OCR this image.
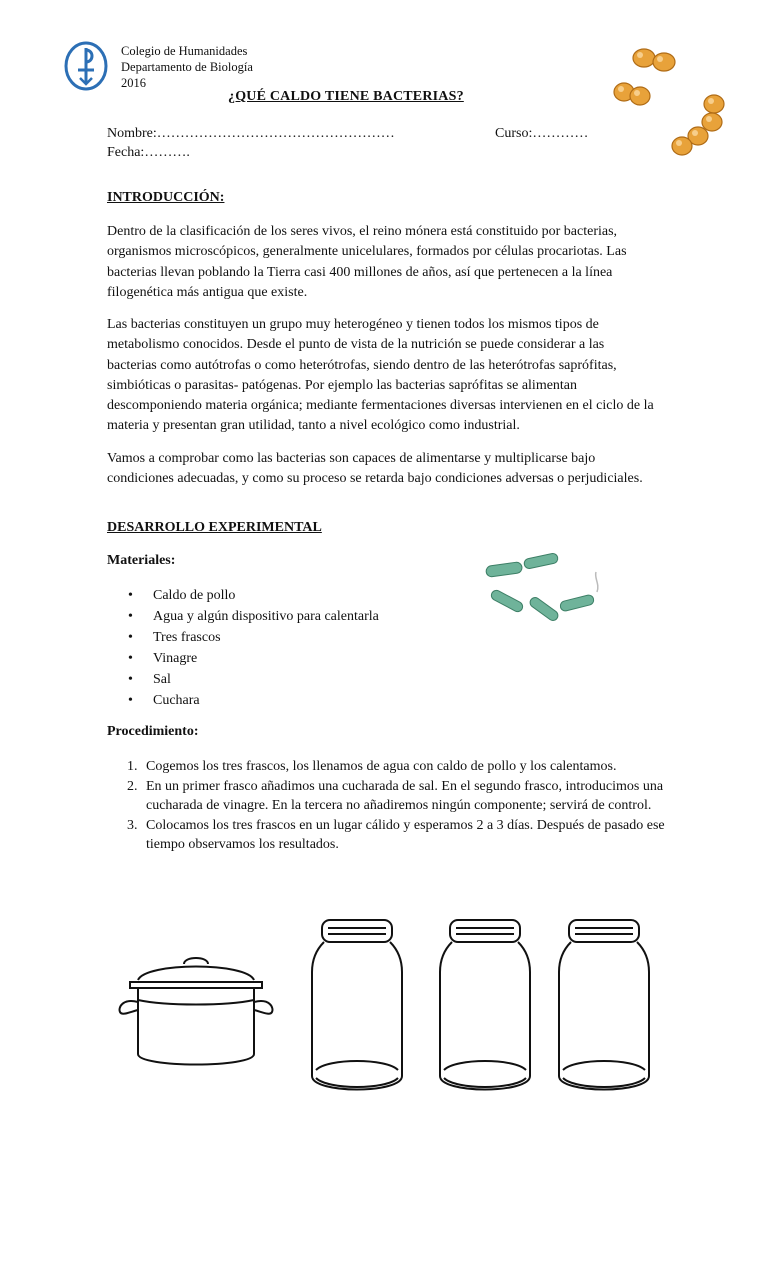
Colegio de Humanidades
Departamento de Biología
2016
¿QUÉ CALDO TIENE BACTERIAS?
Nombre:……………………………………………	Curso:…………
Fecha:……….
INTRODUCCIÓN:
Dentro de la clasificación de los seres vivos, el reino mónera está constituido por bacterias, organismos microscópicos, generalmente unicelulares, formados por células procariotas. Las bacterias llevan poblando la Tierra casi 400 millones de años, así que pertenecen a la línea filogenética más antigua que existe.
Las bacterias constituyen un grupo muy heterogéneo y tienen todos los mismos tipos de metabolismo conocidos. Desde el punto de vista de la nutrición se puede considerar a las bacterias como autótrofas o como heterótrofas, siendo dentro de las heterótrofas saprófitas, simbióticas o parasitas- patógenas. Por ejemplo las bacterias saprófitas se alimentan descomponiendo materia orgánica; mediante fermentaciones diversas intervienen en el ciclo de la materia y presentan gran utilidad, tanto a nivel ecológico como industrial.
Vamos a comprobar como las bacterias son capaces de alimentarse y multiplicarse bajo condiciones adecuadas, y como su proceso se retarda bajo condiciones adversas o perjudiciales.
DESARROLLO EXPERIMENTAL
Materiales:
• Caldo de pollo
• Agua y algún dispositivo para calentarla
• Tres frascos
• Vinagre
• Sal
• Cuchara
Procedimiento:
1. Cogemos los tres frascos, los llenamos de agua con caldo de pollo y los calentamos.
2. En un primer frasco añadimos una cucharada de sal. En el segundo frasco, introducimos una cucharada de vinagre. En la tercera no añadiremos ningún componente; servirá de control.
3. Colocamos los tres frascos en un lugar cálido y esperamos 2 a 3 días. Después de pasado ese tiempo observamos los resultados.
